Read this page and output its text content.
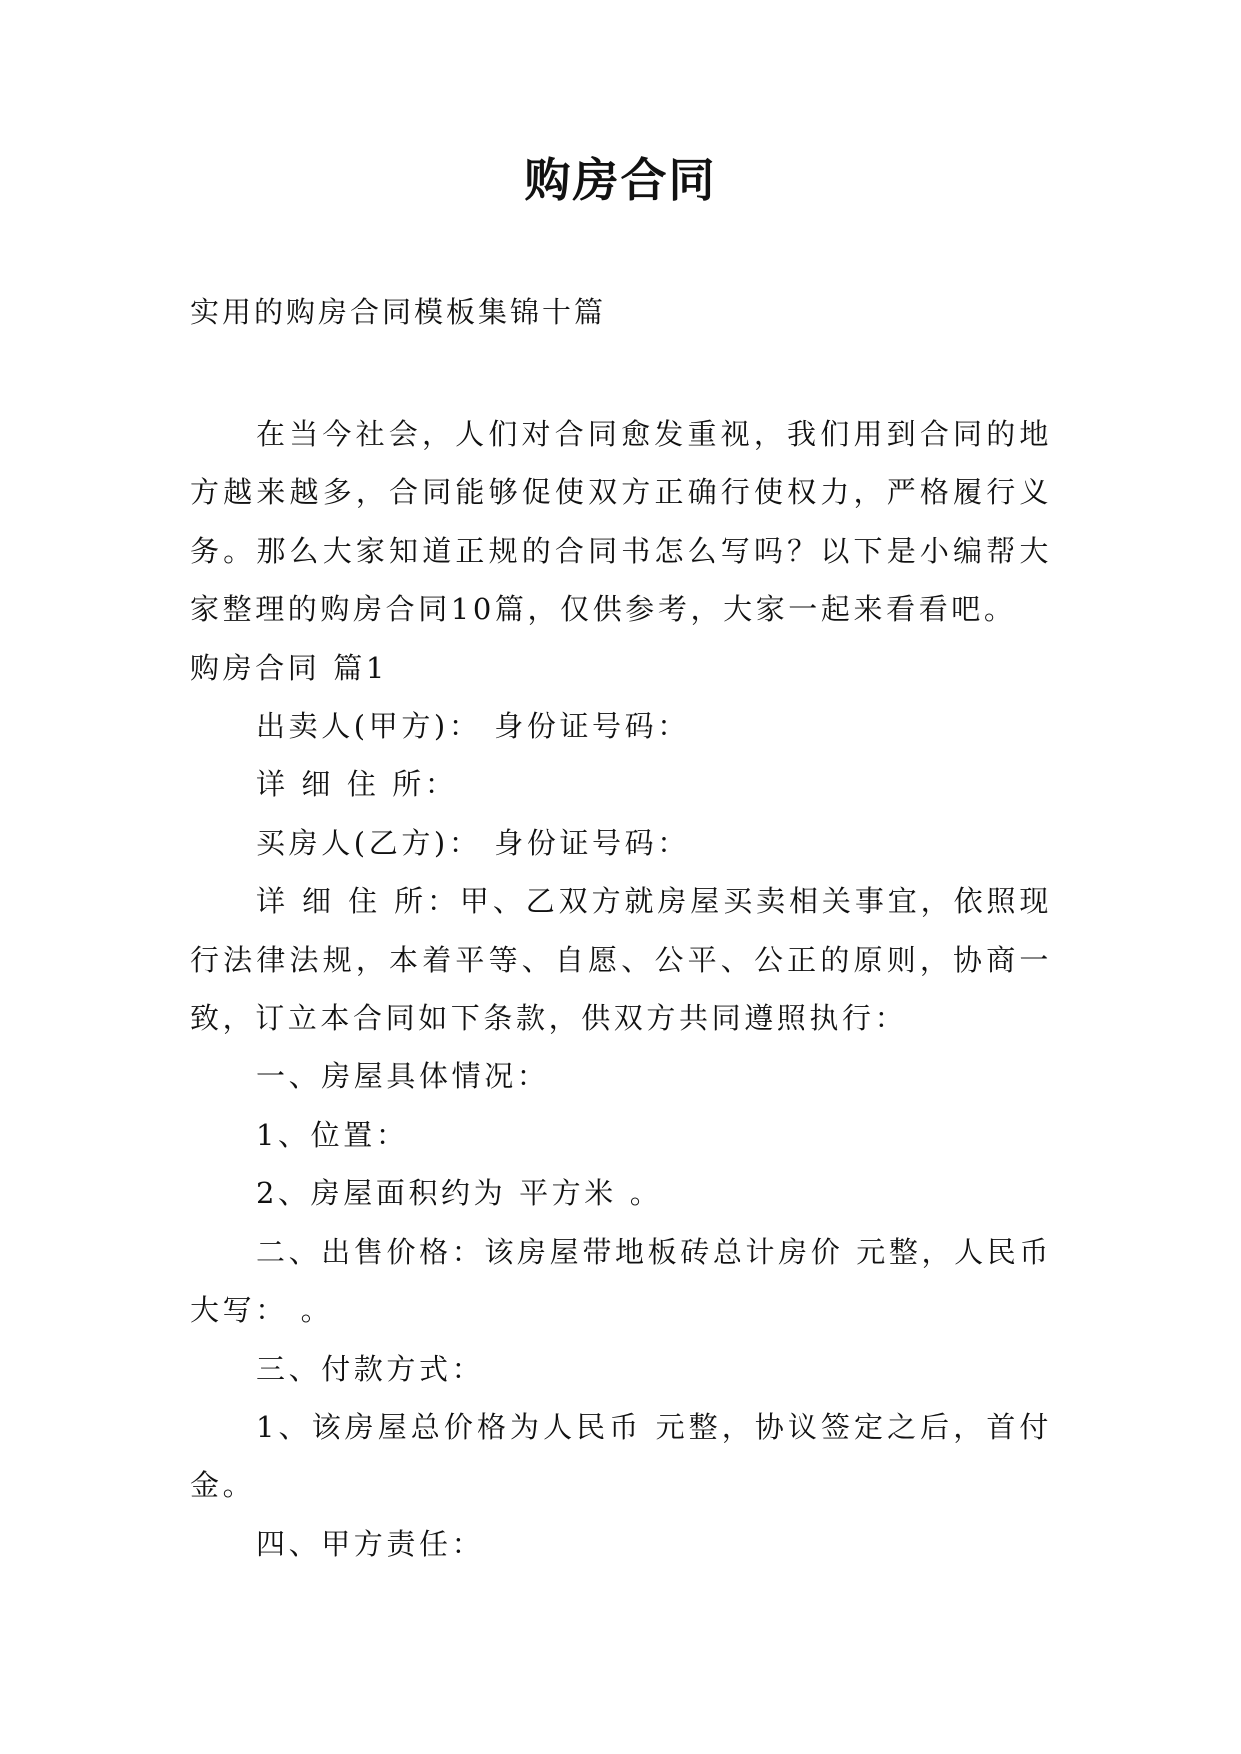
购房合同
实用的购房合同模板集锦十篇

在当今社会，人们对合同愈发重视，我们用到合同的地方越来越多，合同能够促使双方正确行使权力，严格履行义务。那么大家知道正规的合同书怎么写吗？以下是小编帮大家整理的购房合同10篇，仅供参考，大家一起来看看吧。

购房合同 篇1

出卖人(甲方)： 身份证号码：

详 细 住 所：

买房人(乙方)： 身份证号码：

详 细 住 所：甲、乙双方就房屋买卖相关事宜，依照现行法律法规，本着平等、自愿、公平、公正的原则，协商一致，订立本合同如下条款，供双方共同遵照执行：

一、房屋具体情况：

1、位置：

2、房屋面积约为 平方米 。

二、出售价格：该房屋带地板砖总计房价 元整，人民币大写： 。

三、付款方式：

1、该房屋总价格为人民币 元整，协议签定之后，首付金。

四、甲方责任：
